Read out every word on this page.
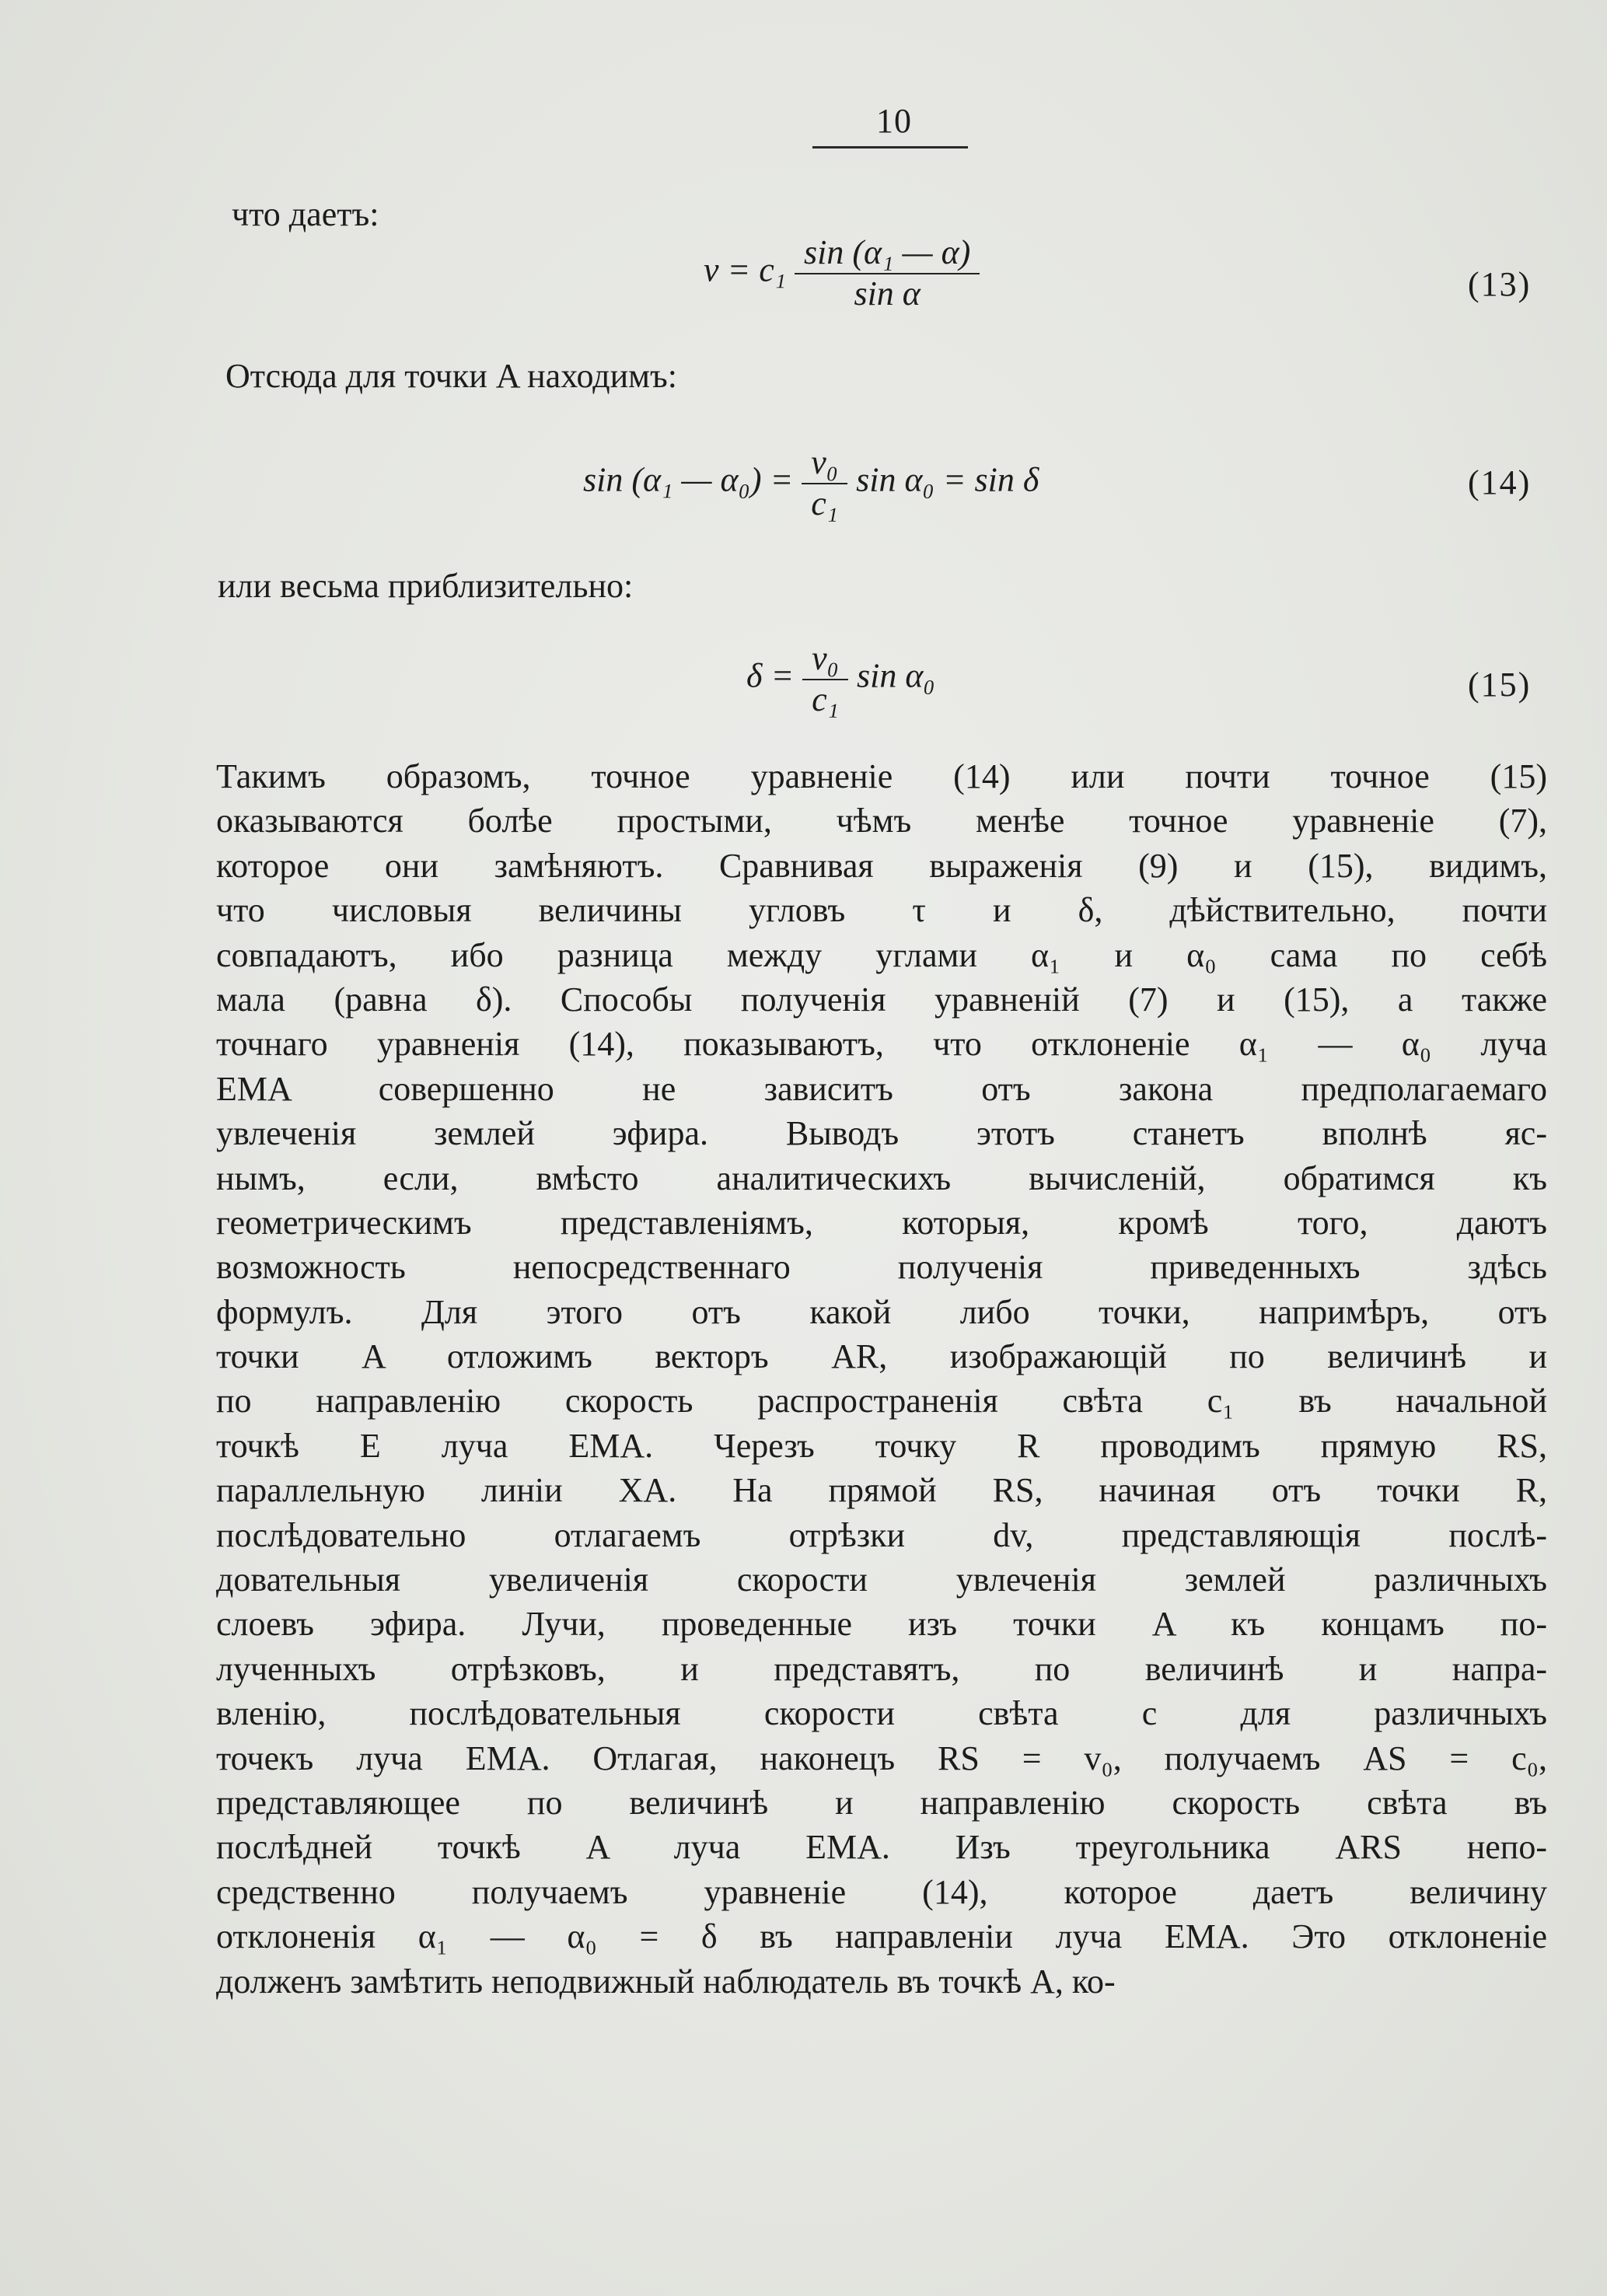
10
что даетъ:
$v = c_1 \frac{\text{sin (α₁ — α)}}{\text{sin α}}$	(13)
Отсюда для точки A находимъ:
sin (α₁ — $\alpha_0) = \frac{\text{v₀}}{\text{c₁}}$ sin α₀ = sin δ	(14)
или весьма приблизительно:
$\delta = \frac{\text{v₀}}{\text{c₁}}$ sin α₀	(15)
Такимъ образомъ, точное уравненіе (14) или почти точное (15)
оказываются болѣе простыми, чѣмъ менѣе точное уравненіе (7),
которое они замѣняютъ. Сравнивая выраженія (9) и (15), видимъ,
что числовыя величины угловъ τ и δ, дѣйствительно, почти
совпадаютъ, ибо разница между углами α₁ и α₀ сама по себѣ
мала (равна δ). Способы полученія уравненій (7) и (15), а также
точнаго уравненія (14), показываютъ, что отклоненіе α₁ — α₀ луча
EMA совершенно не зависитъ отъ закона предполагаемаго
увлеченія землей эфира. Выводъ этотъ станетъ вполнѣ яс-
нымъ, если, вмѣсто аналитическихъ вычисленій, обратимся къ
геометрическимъ представленіямъ, которыя, кромѣ того, даютъ
возможность непосредственнаго полученія приведенныхъ здѣсь
формулъ. Для этого отъ какой либо точки, напримѣръ, отъ
точки A отложимъ векторъ AR, изображающій по величинѣ и
по направленію скорость распространенія свѣта c₁ въ начальной
точкѣ E луча EMA. Черезъ точку R проводимъ прямую RS,
параллельную линіи XA. На прямой RS, начиная отъ точки R,
послѣдовательно отлагаемъ отрѣзки dv, представляющія послѣ-
довательныя увеличенія скорости увлеченія землей различныхъ
слоевъ эфира. Лучи, проведенные изъ точки A къ концамъ по-
лученныхъ отрѣзковъ, и представятъ, по величинѣ и напра-
вленію, послѣдовательныя скорости свѣта c для различныхъ
точекъ луча EMA. Отлагая, наконецъ RS = v₀, получаемъ AS = c₀,
представляющее по величинѣ и направленію скорость свѣта въ
послѣдней точкѣ A луча EMA. Изъ треугольника ARS непо-
средственно получаемъ уравненіе (14), которое даетъ величину
отклоненія α₁ — α₀ = δ въ направленіи луча EMA. Это отклоненіе
долженъ замѣтить неподвижный наблюдатель въ точкѣ A, ко-
